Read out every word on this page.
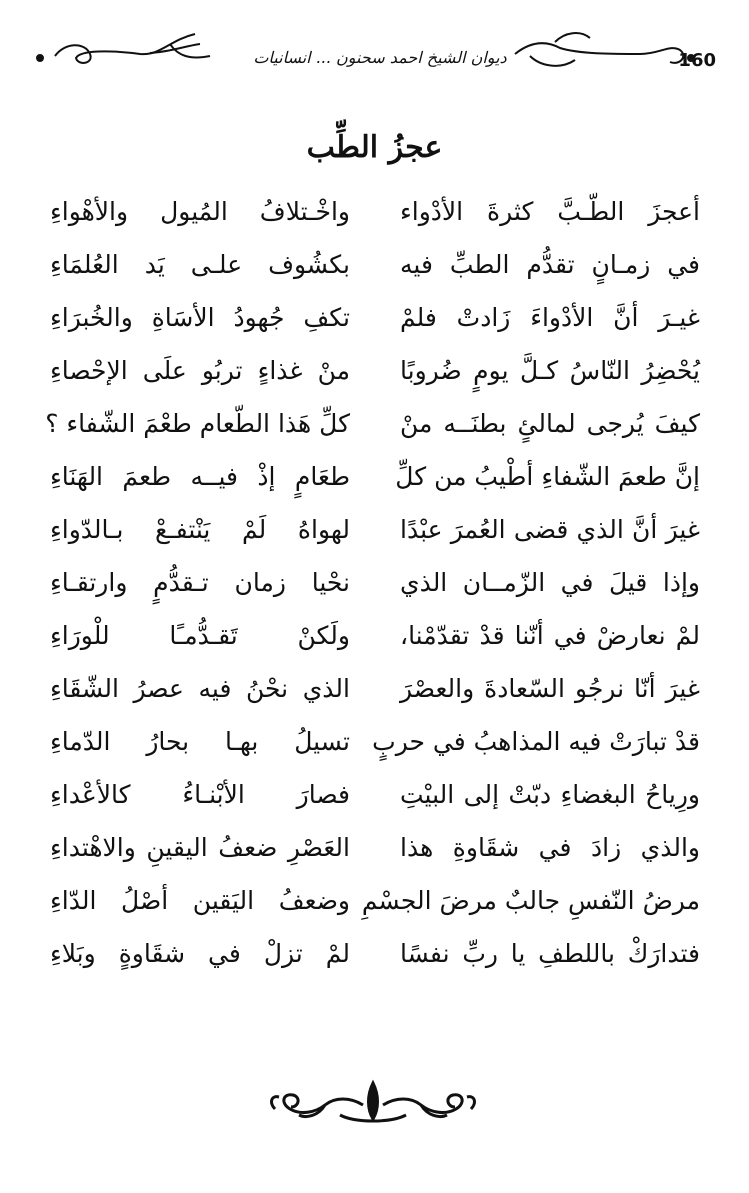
160
ديوان الشيخ احمد سحنون ... انسانيات
عجزُ الطِّب
أعجزَ الطّـبَّ كثرةَ الأدْواء
واخْـتلافُ المُيول والأهْواءِ
في زمـانٍ تقدُّم الطبِّ فيه
بكشُوف علـى يَد العُلمَاءِ
غيـرَ أنَّ الأدْواءَ زَادتْ فلمْ
تكفِ جُهودُ الأسَاةِ والخُبرَاءِ
يُحْضِرُ النّاسُ كـلَّ يومٍ ضُروبًا
منْ غذاءٍ تربُو علَى الإحْصاءِ
كيفَ يُرجى لمالئٍ بطنَــه منْ
كلِّ هَذا الطّعام طعْمَ الشّفاء ؟
إنَّ طعمَ الشّفاءِ أطْيبُ من كلِّ
طعَامٍ إذْ فيــه طعمَ الهَنَاءِ
غيرَ أنَّ الذي قضى العُمرَ عبْدًا
لهواهُ لَمْ يَنْتفـعْ بـالدّواءِ
وإذا قيلَ في الزّمــان الذي
نحْيا زمان تـقدُّمٍ وارتقـاءِ
لمْ نعارضْ في أنّنا قدْ تقدّمْنا،
ولَكنْ تَقـدُّمـًا للْورَاءِ
غيرَ أنّا نرجُو السّعادةَ والعصْرَ
الذي نحْنُ فيه عصرُ الشّقَاءِ
قدْ تبارَتْ فيه المذاهبُ في حربٍ
تسيلُ بهـا بحارُ الدّماءِ
ورِياحُ البغضاءِ دبّتْ إلى البيْتِ
فصارَ الأبْنـاءُ كالأعْداءِ
والذي زادَ في شقَاوةِ هذا
العَصْرِ ضعفُ اليقينِ والاهْتداءِ
مرضُ النّفسِ جالبٌ مرضَ الجسْمِ
وضعفُ اليَقين أصْلُ الدّاءِ
فتدارَكْ باللطفِ يا ربِّ نفسًا
لمْ تزلْ في شقَاوةٍ وبَلاءِ
